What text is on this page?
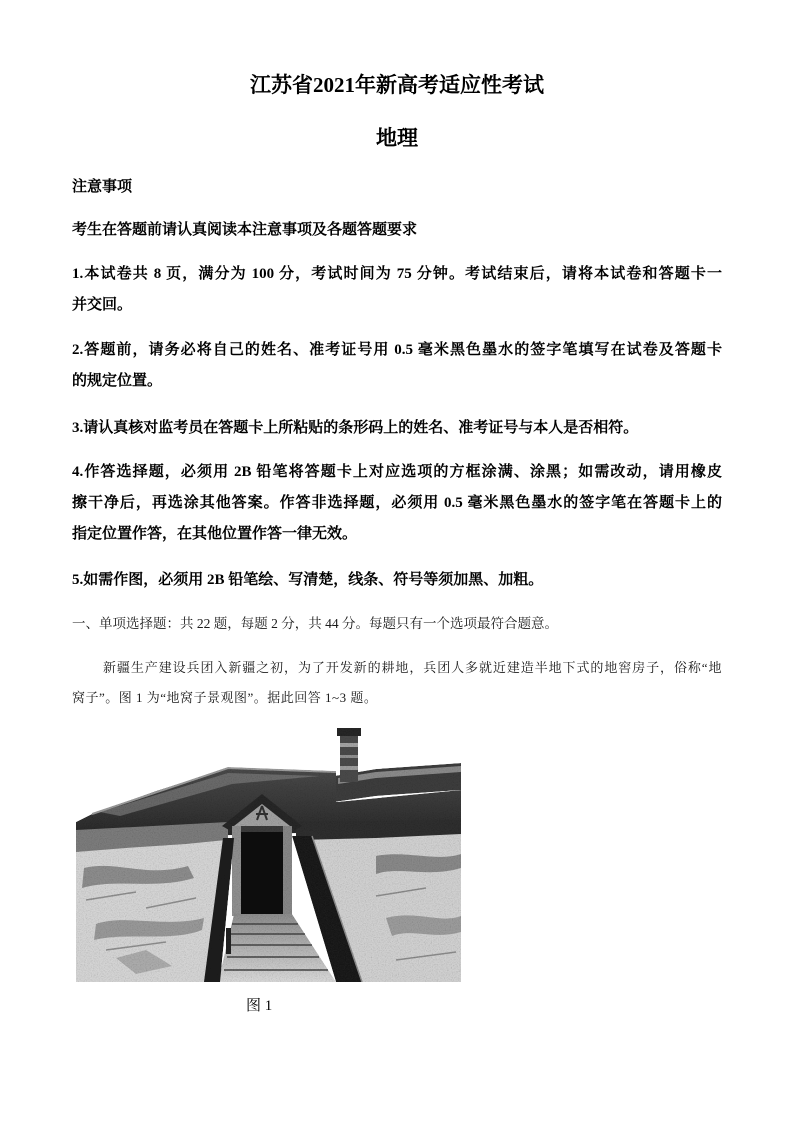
江苏省2021年新高考适应性考试
地理
注意事项
考生在答题前请认真阅读本注意事项及各题答题要求
1.本试卷共 8 页，满分为 100 分，考试时间为 75 分钟。考试结束后，请将本试卷和答题卡一
并交回。
2.答题前，请务必将自己的姓名、准考证号用 0.5 毫米黑色墨水的签字笔填写在试卷及答题卡
的规定位置。
3.请认真核对监考员在答题卡上所粘贴的条形码上的姓名、准考证号与本人是否相符。
4.作答选择题，必须用 2B 铅笔将答题卡上对应选项的方框涂满、涂黑；如需改动，请用橡皮
擦干净后，再选涂其他答案。作答非选择题，必须用 0.5 毫米黑色墨水的签字笔在答题卡上的
指定位置作答，在其他位置作答一律无效。
5.如需作图，必须用 2B 铅笔绘、写清楚，线条、符号等须加黑、加粗。
一、单项选择题：共 22 题，每题 2 分，共 44 分。每题只有一个选项最符合题意。
新疆生产建设兵团入新疆之初，为了开发新的耕地，兵团人多就近建造半地下式的地窖房子，俗称“地
窝子”。图 1 为“地窝子景观图”。据此回答 1~3 题。
图 1
